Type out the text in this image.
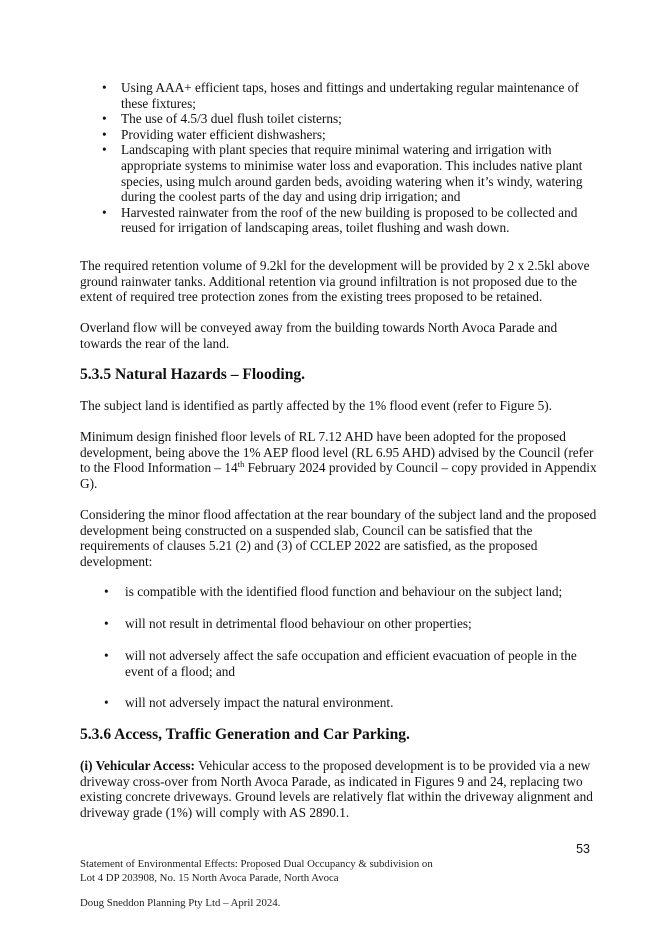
• Using AAA+ efficient taps, hoses and fittings and undertaking regular maintenance of these fixtures;
• The use of 4.5/3 duel flush toilet cisterns;
• Providing water efficient dishwashers;
• Landscaping with plant species that require minimal watering and irrigation with appropriate systems to minimise water loss and evaporation. This includes native plant species, using mulch around garden beds, avoiding watering when it’s windy, watering during the coolest parts of the day and using drip irrigation; and
• Harvested rainwater from the roof of the new building is proposed to be collected and reused for irrigation of landscaping areas, toilet flushing and wash down.

The required retention volume of 9.2kl for the development will be provided by 2 x 2.5kl above ground rainwater tanks. Additional retention via ground infiltration is not proposed due to the extent of required tree protection zones from the existing trees proposed to be retained.

Overland flow will be conveyed away from the building towards North Avoca Parade and towards the rear of the land.

5.3.5 Natural Hazards – Flooding.

The subject land is identified as partly affected by the 1% flood event (refer to Figure 5).

Minimum design finished floor levels of RL 7.12 AHD have been adopted for the proposed development, being above the 1% AEP flood level (RL 6.95 AHD) advised by the Council (refer to the Flood Information – 14th February 2024 provided by Council – copy provided in Appendix G).

Considering the minor flood affectation at the rear boundary of the subject land and the proposed development being constructed on a suspended slab, Council can be satisfied that the requirements of clauses 5.21 (2) and (3) of CCLEP 2022 are satisfied, as the proposed development:

• is compatible with the identified flood function and behaviour on the subject land;
• will not result in detrimental flood behaviour on other properties;
• will not adversely affect the safe occupation and efficient evacuation of people in the event of a flood; and
• will not adversely impact the natural environment.
5.3.6 Access, Traffic Generation and Car Parking.

(i) Vehicular Access: Vehicular access to the proposed development is to be provided via a new driveway cross-over from North Avoca Parade, as indicated in Figures 9 and 24, replacing two existing concrete driveways. Ground levels are relatively flat within the driveway alignment and driveway grade (1%) will comply with AS 2890.1.

53
Statement of Environmental Effects: Proposed Dual Occupancy & subdivision on
Lot 4 DP 203908, No. 15 North Avoca Parade, North Avoca
Doug Sneddon Planning Pty Ltd – April 2024.
